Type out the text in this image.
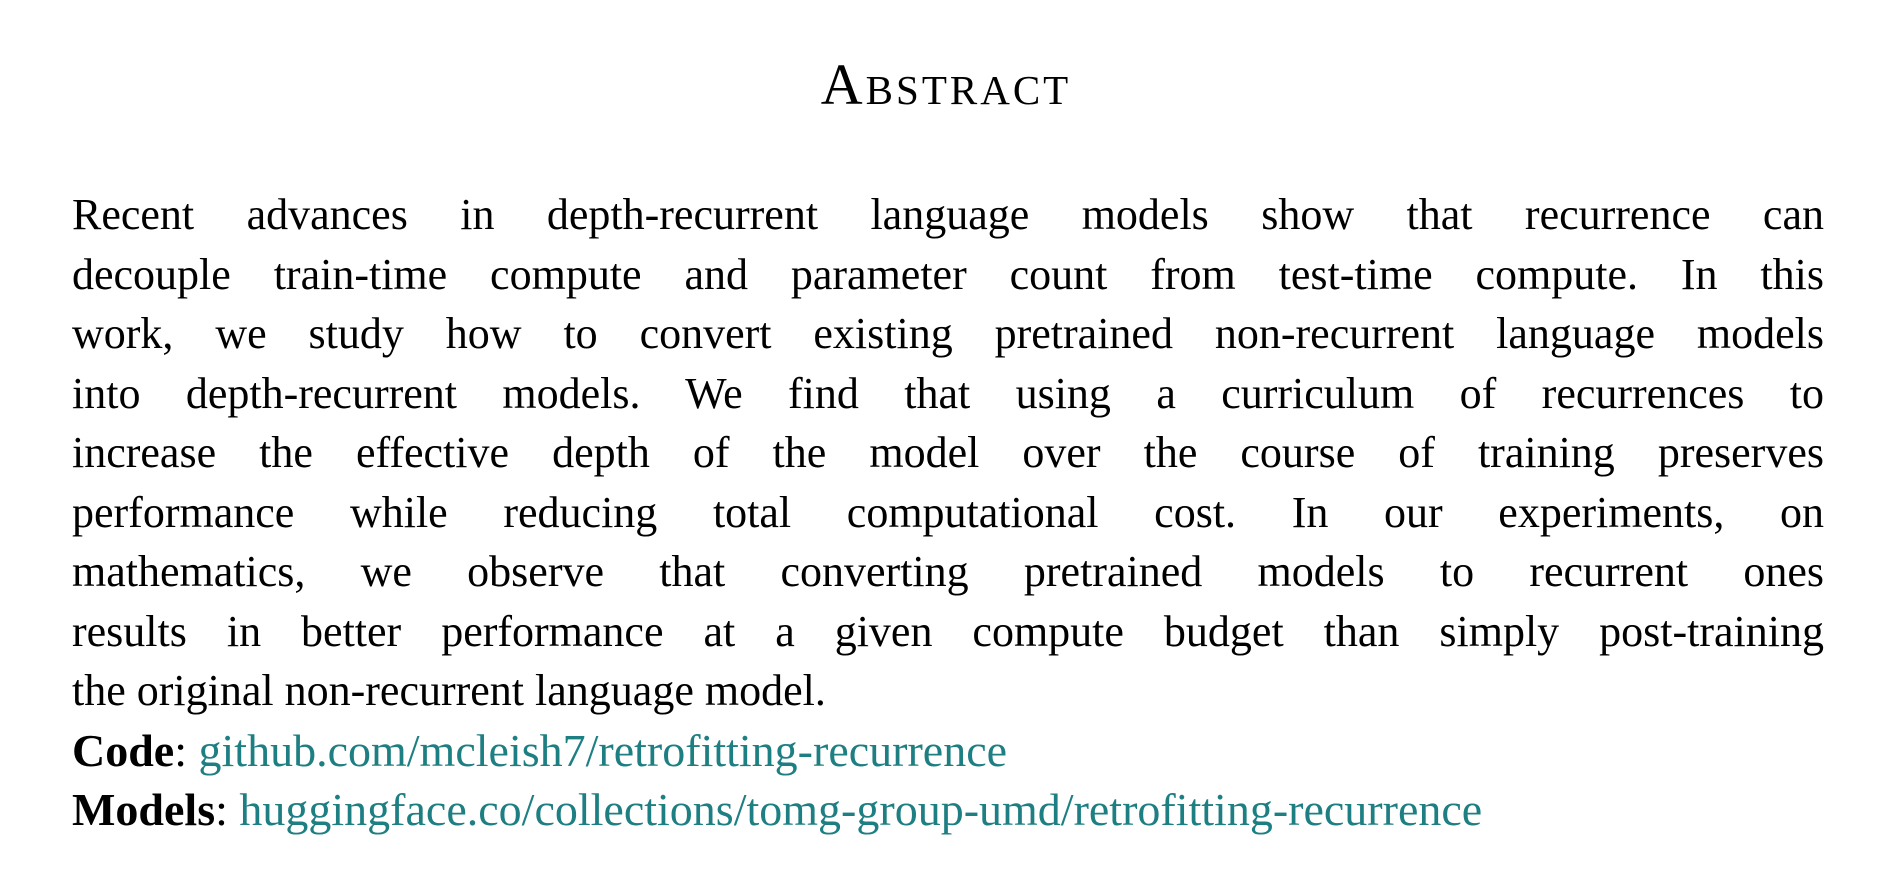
Abstract
Recent advances in depth-recurrent language models show that recurrence can
decouple train-time compute and parameter count from test-time compute. In this
work, we study how to convert existing pretrained non-recurrent language models
into depth-recurrent models. We find that using a curriculum of recurrences to
increase the effective depth of the model over the course of training preserves
performance while reducing total computational cost. In our experiments, on
mathematics, we observe that converting pretrained models to recurrent ones
results in better performance at a given compute budget than simply post-training
the original non-recurrent language model.
Code: github.com/mcleish7/retrofitting-recurrence
Models: huggingface.co/collections/tomg-group-umd/retrofitting-recurrence
